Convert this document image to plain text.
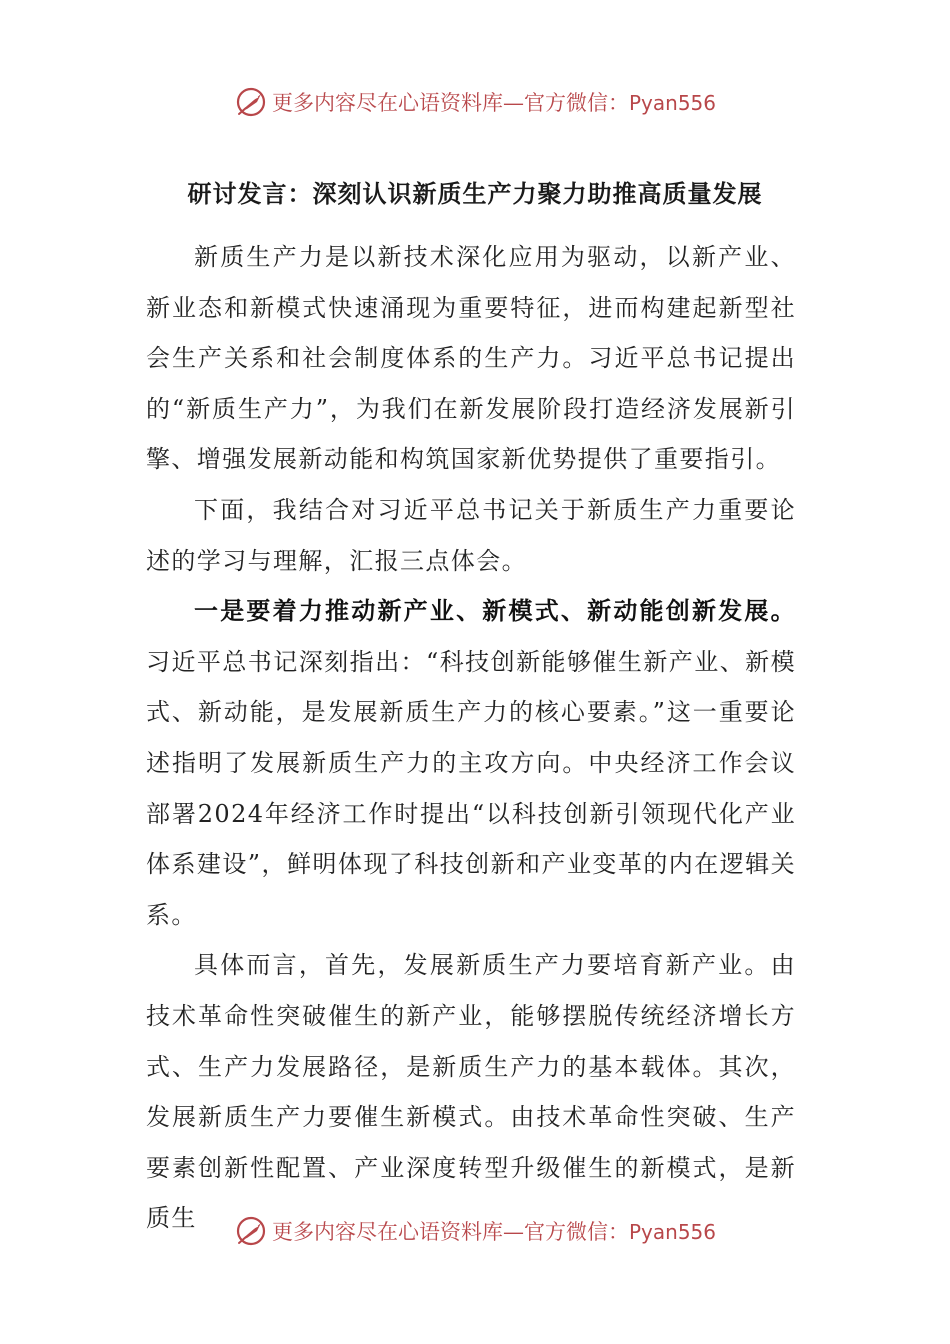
更多内容尽在心语资料库—官方微信：Pyan556
研讨发言：深刻认识新质生产力聚力助推高质量发展

新质生产力是以新技术深化应用为驱动，以新产业、新业态和新模式快速涌现为重要特征，进而构建起新型社会生产关系和社会制度体系的生产力。习近平总书记提出的“新质生产力”，为我们在新发展阶段打造经济发展新引擎、增强发展新动能和构筑国家新优势提供了重要指引。

下面，我结合对习近平总书记关于新质生产力重要论述的学习与理解，汇报三点体会。

一是要着力推动新产业、新模式、新动能创新发展。习近平总书记深刻指出：“科技创新能够催生新产业、新模式、新动能，是发展新质生产力的核心要素。”这一重要论述指明了发展新质生产力的主攻方向。中央经济工作会议部署2024年经济工作时提出“以科技创新引领现代化产业体系建设”，鲜明体现了科技创新和产业变革的内在逻辑关系。

具体而言，首先，发展新质生产力要培育新产业。由技术革命性突破催生的新产业，能够摆脱传统经济增长方式、生产力发展路径，是新质生产力的基本载体。其次，发展新质生产力要催生新模式。由技术革命性突破、生产要素创新性配置、产业深度转型升级催生的新模式，是新质生	更多内容尽在心语资料库—官方微信：Pyan556
